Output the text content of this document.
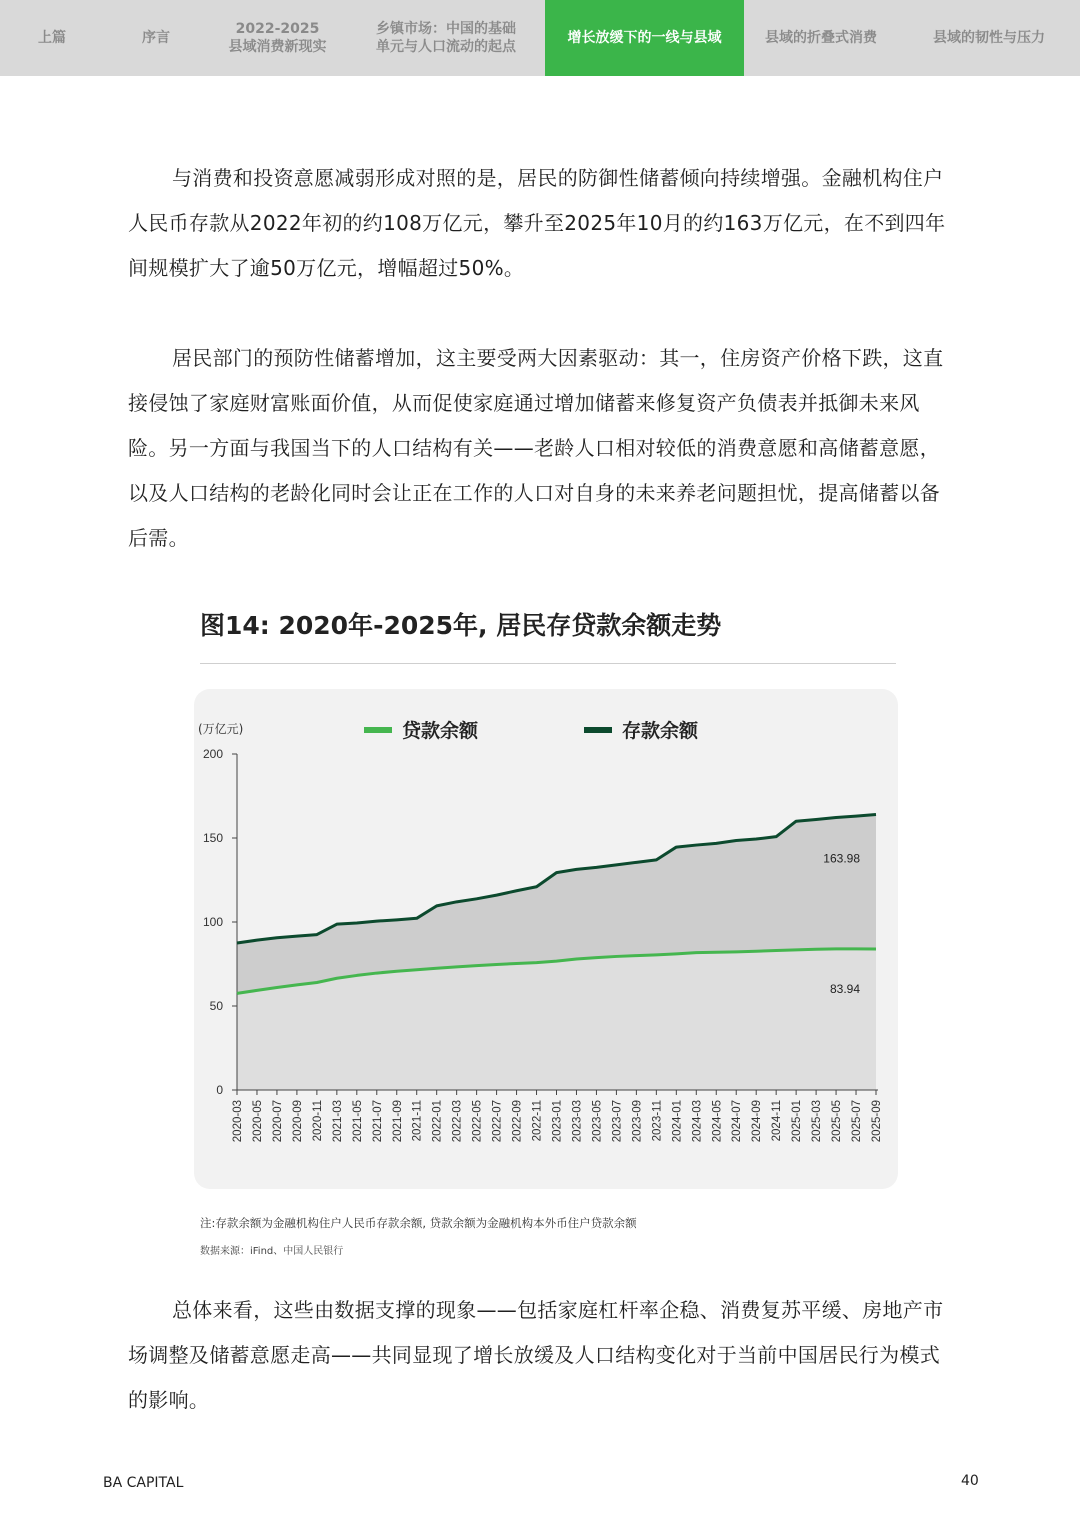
上篇	序言
2022-2025
县域消费新现实
乡镇市场：中国的基础
单元与人口流动的起点
增长放缓下的一线与县域	县域的折叠式消费	县域的韧性与压力

与消费和投资意愿减弱形成对照的是，居民的防御性储蓄倾向持续增强。金融机构住户人民币存款从2022年初的约108万亿元，攀升至2025年10月的约163万亿元，在不到四年间规模扩大了逾50万亿元，增幅超过50%。

居民部门的预防性储蓄增加，这主要受两大因素驱动：其一，住房资产价格下跌，这直接侵蚀了家庭财富账面价值，从而促使家庭通过增加储蓄来修复资产负债表并抵御未来风险。另一方面与我国当下的人口结构有关——老龄人口相对较低的消费意愿和高储蓄意愿，以及人口结构的老龄化同时会让正在工作的人口对自身的未来养老问题担忧，提高储蓄以备后需。

图14: 2020年-2025年, 居民存贷款余额走势
0
50
100
150
200
(万亿元)
2020-03 2020-05 2020-07 2020-09 2020-11 2021-03 2021-05 2021-07 2021-09 2021-11 2022-01 2022-03 2022-05 2022-07 2022-09 2022-11 2023-01 2023-03 2023-05 2023-07 2023-09 2023-11 2024-01 2024-03 2024-05 2024-07 2024-09 2024-11 2025-01 2025-03 2025-05 2025-07 2025-09
163.98
83.94
贷款余额	存款余额

注:存款余额为金融机构住户人民币存款余额, 贷款余额为金融机构本外币住户贷款余额

数据来源：iFind、中国人民银行

总体来看，这些由数据支撑的现象——包括家庭杠杆率企稳、消费复苏平缓、房地产市场调整及储蓄意愿走高——共同显现了增长放缓及人口结构变化对于当前中国居民行为模式的影响。

BA CAPITAL	40
